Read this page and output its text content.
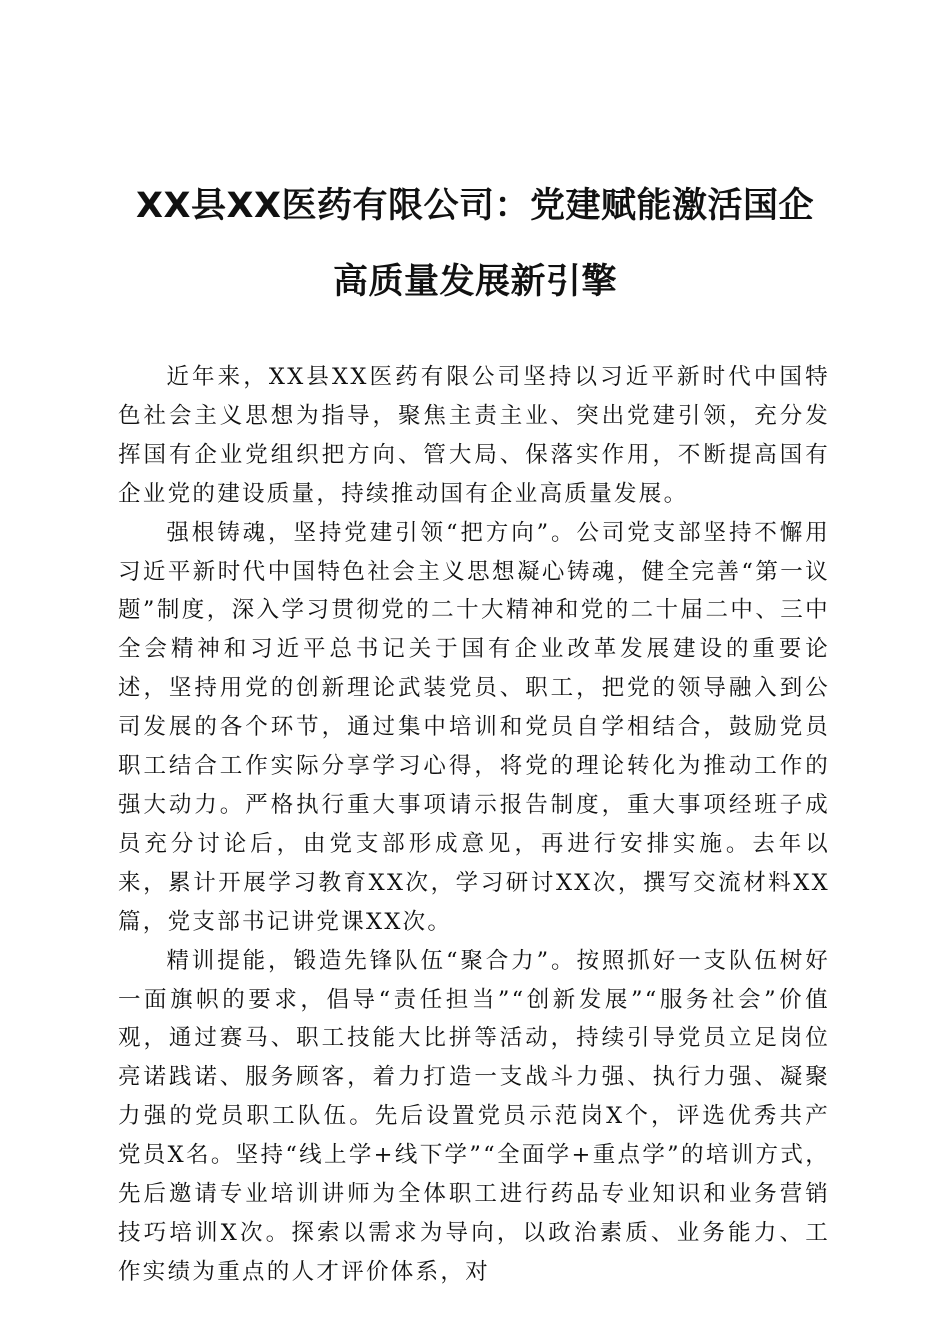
XX县XX医药有限公司：党建赋能激活国企
高质量发展新引擎

近年来，XX县XX医药有限公司坚持以习近平新时代中国特色社会主义思想为指导，聚焦主责主业、突出党建引领，充分发挥国有企业党组织把方向、管大局、保落实作用，不断提高国有企业党的建设质量，持续推动国有企业高质量发展。

强根铸魂，坚持党建引领“把方向”。公司党支部坚持不懈用习近平新时代中国特色社会主义思想凝心铸魂，健全完善“第一议题”制度，深入学习贯彻党的二十大精神和党的二十届二中、三中全会精神和习近平总书记关于国有企业改革发展建设的重要论述，坚持用党的创新理论武装党员、职工，把党的领导融入到公司发展的各个环节，通过集中培训和党员自学相结合，鼓励党员职工结合工作实际分享学习心得，将党的理论转化为推动工作的强大动力。严格执行重大事项请示报告制度，重大事项经班子成员充分讨论后，由党支部形成意见，再进行安排实施。去年以来，累计开展学习教育XX次，学习研讨XX次，撰写交流材料XX篇，党支部书记讲党课XX次。

精训提能，锻造先锋队伍“聚合力”。按照抓好一支队伍树好一面旗帜的要求，倡导“责任担当”“创新发展”“服务社会”价值观，通过赛马、职工技能大比拼等活动，持续引导党员立足岗位亮诺践诺、服务顾客，着力打造一支战斗力强、执行力强、凝聚力强的党员职工队伍。先后设置党员示范岗X个，评选优秀共产党员X名。坚持“线上学+线下学”“全面学+重点学”的培训方式，先后邀请专业培训讲师为全体职工进行药品专业知识和业务营销技巧培训X次。探索以需求为导向，以政治素质、业务能力、工作实绩为重点的人才评价体系，对
